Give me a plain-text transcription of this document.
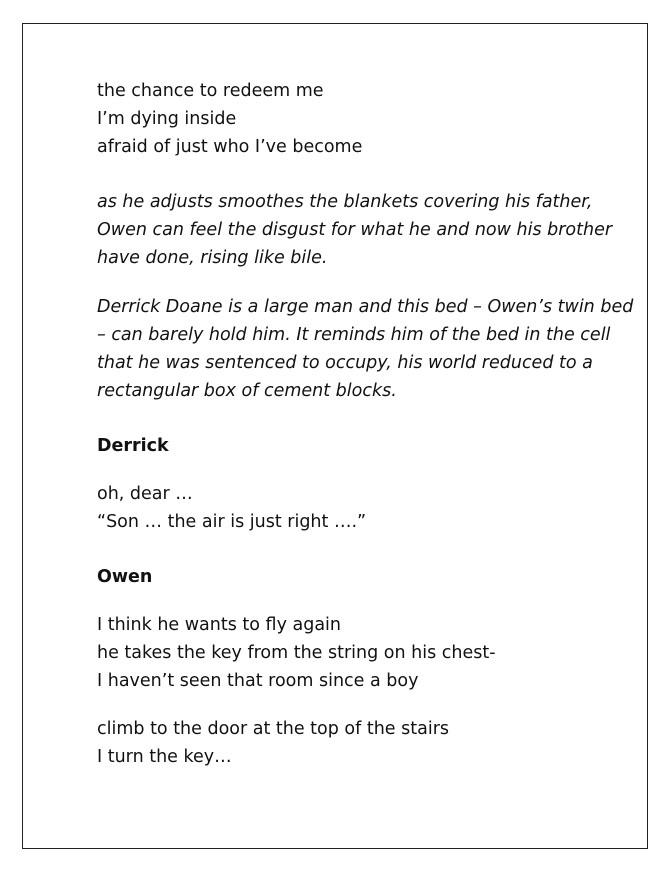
the chance to redeem me
I’m dying inside
afraid of just who I’ve become
as he adjusts smoothes the blankets covering his father,
Owen can feel the disgust for what he and now his brother
have done, rising like bile.
Derrick Doane is a large man and this bed – Owen’s twin bed
– can barely hold him. It reminds him of the bed in the cell
that he was sentenced to occupy, his world reduced to a
rectangular box of cement blocks.
Derrick
oh, dear …
“Son … the air is just right ….”
Owen
I think he wants to fly again
he takes the key from the string on his chest-
I haven’t seen that room since a boy
climb to the door at the top of the stairs
I turn the key…
